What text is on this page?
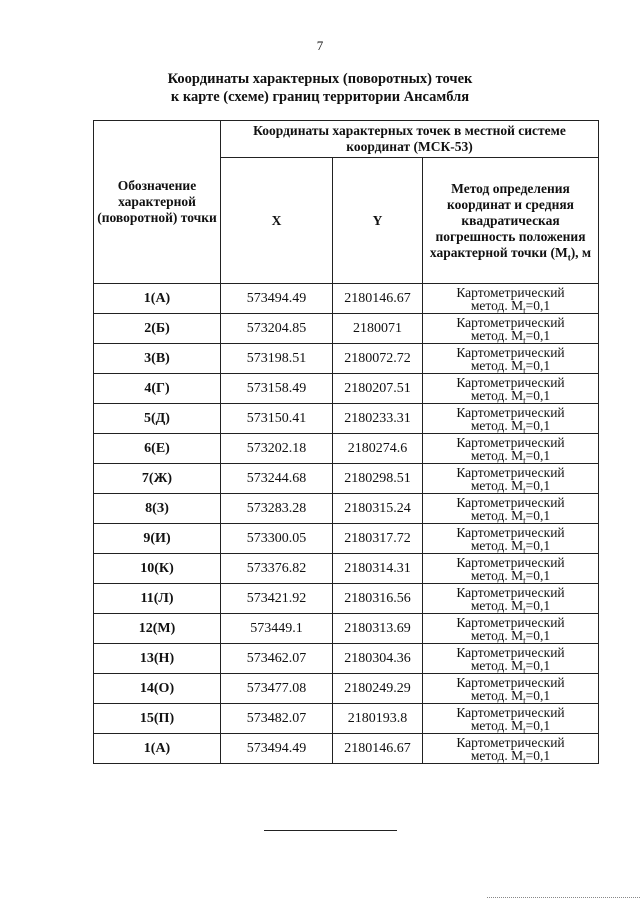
7
Координаты характерных (поворотных) точек
к карте (схеме) границ территории Ансамбля
Обозначение характерной (поворотной) точки	Координаты характерных точек в местной системе координат (МСК-53)		
	X	Y	Метод определения координат и средняя квадратическая погрешность положения характерной точки $(M_t)$, м
1(А)	573494.49	2180146.67	Картометрический
метод. $M_t=0,1$

2(Б)	573204.85	2180071	Картометрический
метод. $M_t=0,1$

3(В)	573198.51	2180072.72	Картометрический
метод. $M_t=0,1$

4(Г)	573158.49	2180207.51	Картометрический
метод. $M_t=0,1$

5(Д)	573150.41	2180233.31	Картометрический
метод. $M_t=0,1$

6(Е)	573202.18	2180274.6	Картометрический
метод. $M_t=0,1$

7(Ж)	573244.68	2180298.51	Картометрический
метод. $M_t=0,1$

8(З)	573283.28	2180315.24	Картометрический
метод. $M_t=0,1$

9(И)	573300.05	2180317.72	Картометрический
метод. $M_t=0,1$

10(К)	573376.82	2180314.31	Картометрический
метод. $M_t=0,1$

11(Л)	573421.92	2180316.56	Картометрический
метод. $M_t=0,1$

12(М)	573449.1	2180313.69	Картометрический
метод. $M_t=0,1$

13(Н)	573462.07	2180304.36	Картометрический
метод. $M_t=0,1$

14(О)	573477.08	2180249.29	Картометрический
метод. $M_t=0,1$

15(П)	573482.07	2180193.8	Картометрический
метод. $M_t=0,1$

1(А)	573494.49	2180146.67	Картометрический
метод. $M_t=0,1$
